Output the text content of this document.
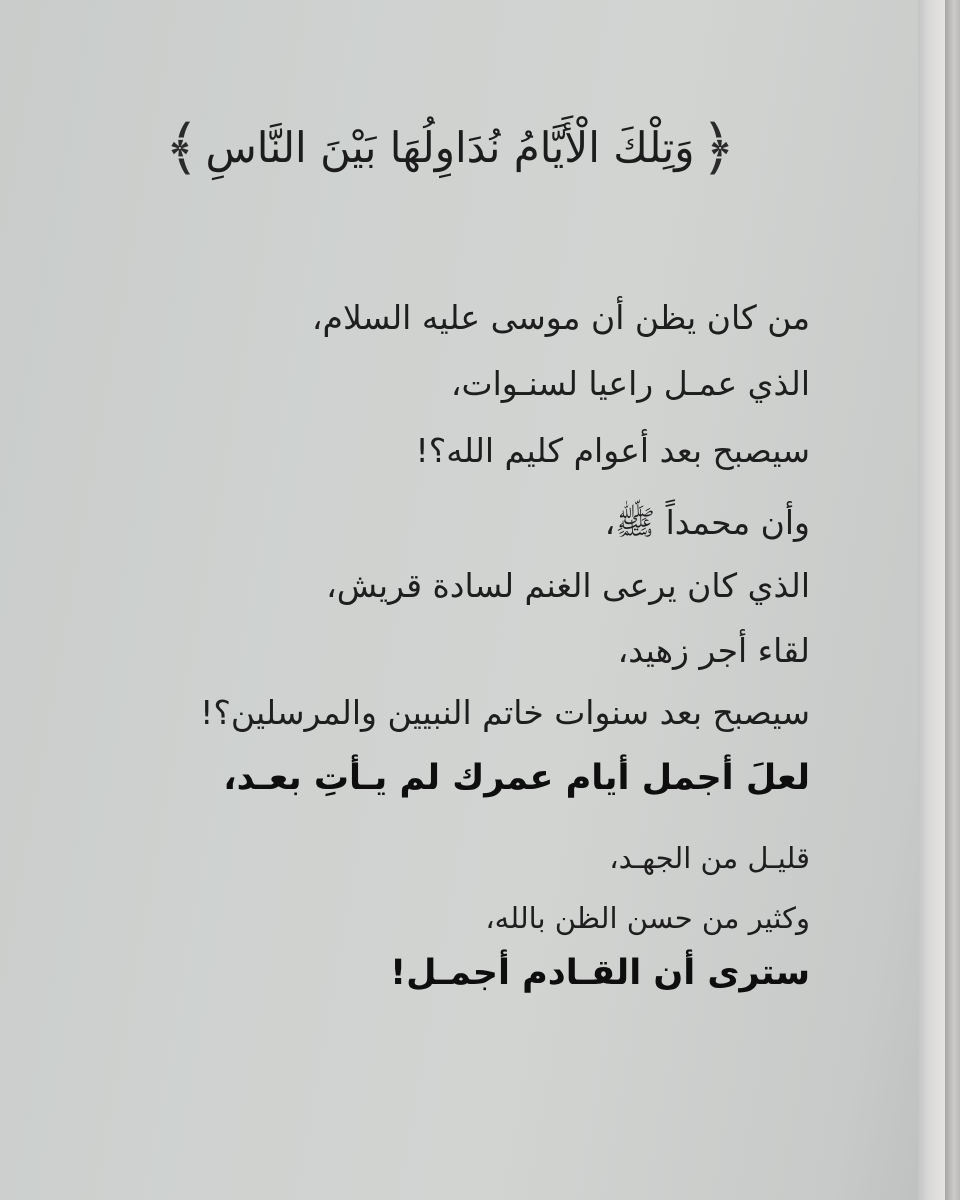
﴿
وَتِلْكَ الْأَيَّامُ نُدَاوِلُهَا بَيْنَ النَّاسِ
﴾
من كان يظن أن موسى عليه السلام،
الذي عمـل راعيا لسنـوات،
سيصبح بعد أعوام كليم الله؟!
وأن محمداً ﷺ،
الذي كان يرعى الغنم لسادة قريش،
لقاء أجر زهيد،
سيصبح بعد سنوات خاتم النبيين والمرسلين؟!
لعلَ أجمل أيام عمرك لم يـأتِ بعـد،
قليـل من الجهـد،
وكثير من حسن الظن بالله،
سترى أن القـادم أجمـل!
